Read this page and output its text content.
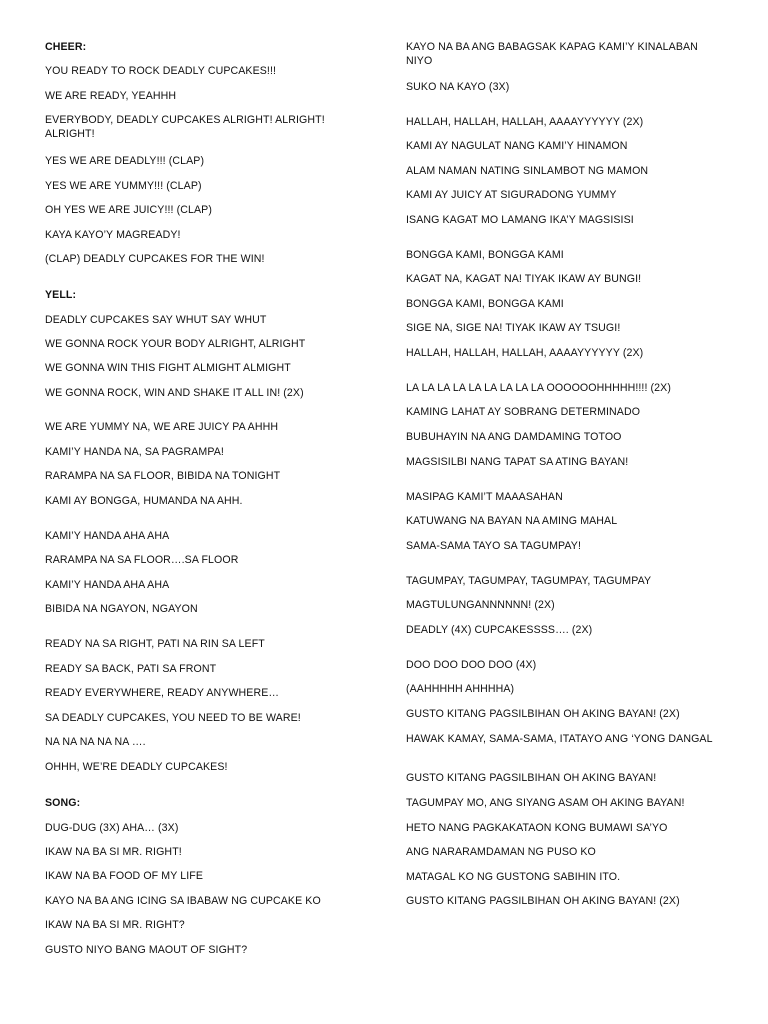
CHEER:
YOU READY TO ROCK DEADLY CUPCAKES!!!
WE ARE READY, YEAHHH
EVERYBODY, DEADLY CUPCAKES ALRIGHT! ALRIGHT! ALRIGHT!
YES WE ARE DEADLY!!! (CLAP)
YES WE ARE YUMMY!!! (CLAP)
OH YES WE ARE JUICY!!! (CLAP)
KAYA KAYO’Y MAGREADY!
(CLAP) DEADLY CUPCAKES FOR THE WIN!
YELL:
DEADLY CUPCAKES SAY WHUT SAY WHUT
WE GONNA ROCK YOUR BODY ALRIGHT, ALRIGHT
WE GONNA WIN THIS FIGHT ALMIGHT ALMIGHT
WE GONNA ROCK, WIN AND SHAKE IT ALL IN! (2X)
WE ARE YUMMY NA, WE ARE JUICY PA AHHH
KAMI’Y HANDA NA, SA PAGRAMPA!
RARAMPA NA SA FLOOR, BIBIDA NA TONIGHT
KAMI AY BONGGA, HUMANDA NA AHH.
KAMI’Y HANDA AHA AHA
RARAMPA NA SA FLOOR….SA FLOOR
KAMI’Y HANDA AHA AHA
BIBIDA NA NGAYON, NGAYON
READY NA SA RIGHT, PATI NA RIN SA LEFT
READY SA BACK, PATI SA FRONT
READY EVERYWHERE, READY ANYWHERE…
SA DEADLY CUPCAKES, YOU NEED TO BE WARE!
NA NA NA NA NA ….
OHHH, WE’RE DEADLY CUPCAKES!
SONG:
DUG-DUG (3X) AHA… (3X)
IKAW NA BA SI MR. RIGHT!
IKAW NA BA FOOD OF MY LIFE
KAYO NA BA ANG ICING SA IBABAW NG CUPCAKE KO
IKAW NA BA SI MR. RIGHT?
GUSTO NIYO BANG MAOUT OF SIGHT?
KAYO NA BA ANG BABAGSAK KAPAG KAMI’Y KINALABAN NIYO
SUKO NA KAYO (3X)
HALLAH, HALLAH, HALLAH, AAAAYYYYYY (2X)
KAMI AY NAGULAT NANG KAMI’Y HINAMON
ALAM NAMAN NATING SINLAMBOT NG MAMON
KAMI AY JUICY AT SIGURADONG YUMMY
ISANG KAGAT MO LAMANG IKA’Y MAGSISISI
BONGGA KAMI, BONGGA KAMI
KAGAT NA, KAGAT NA! TIYAK IKAW AY BUNGI!
BONGGA KAMI, BONGGA KAMI
SIGE NA, SIGE NA! TIYAK IKAW AY TSUGI!
HALLAH, HALLAH, HALLAH, AAAAYYYYYY (2X)
LA LA LA LA LA LA LA LA LA OOOOOOHHHHH!!!! (2X)
KAMING LAHAT AY SOBRANG DETERMINADO
BUBUHAYIN NA ANG DAMDAMING TOTOO
MAGSISILBI NANG TAPAT SA ATING BAYAN!
MASIPAG KAMI’T MAAASAHAN
KATUWANG NA BAYAN NA AMING MAHAL
SAMA-SAMA TAYO SA TAGUMPAY!
TAGUMPAY, TAGUMPAY, TAGUMPAY, TAGUMPAY
MAGTULUNGANNNNNN! (2X)
DEADLY (4X) CUPCAKESSSS…. (2X)
DOO DOO DOO DOO (4X)
(AAHHHHH AHHHHA)
GUSTO KITANG PAGSILBIHAN OH AKING BAYAN! (2X)
HAWAK KAMAY, SAMA-SAMA, ITATAYO ANG ‘YONG DANGAL
GUSTO KITANG PAGSILBIHAN OH AKING BAYAN!
TAGUMPAY MO, ANG SIYANG ASAM OH AKING BAYAN!
HETO NANG PAGKAKATAON KONG BUMAWI SA’YO
ANG NARARAMDAMAN NG PUSO KO
MATAGAL KO NG GUSTONG SABIHIN ITO.
GUSTO KITANG PAGSILBIHAN OH AKING BAYAN! (2X)
